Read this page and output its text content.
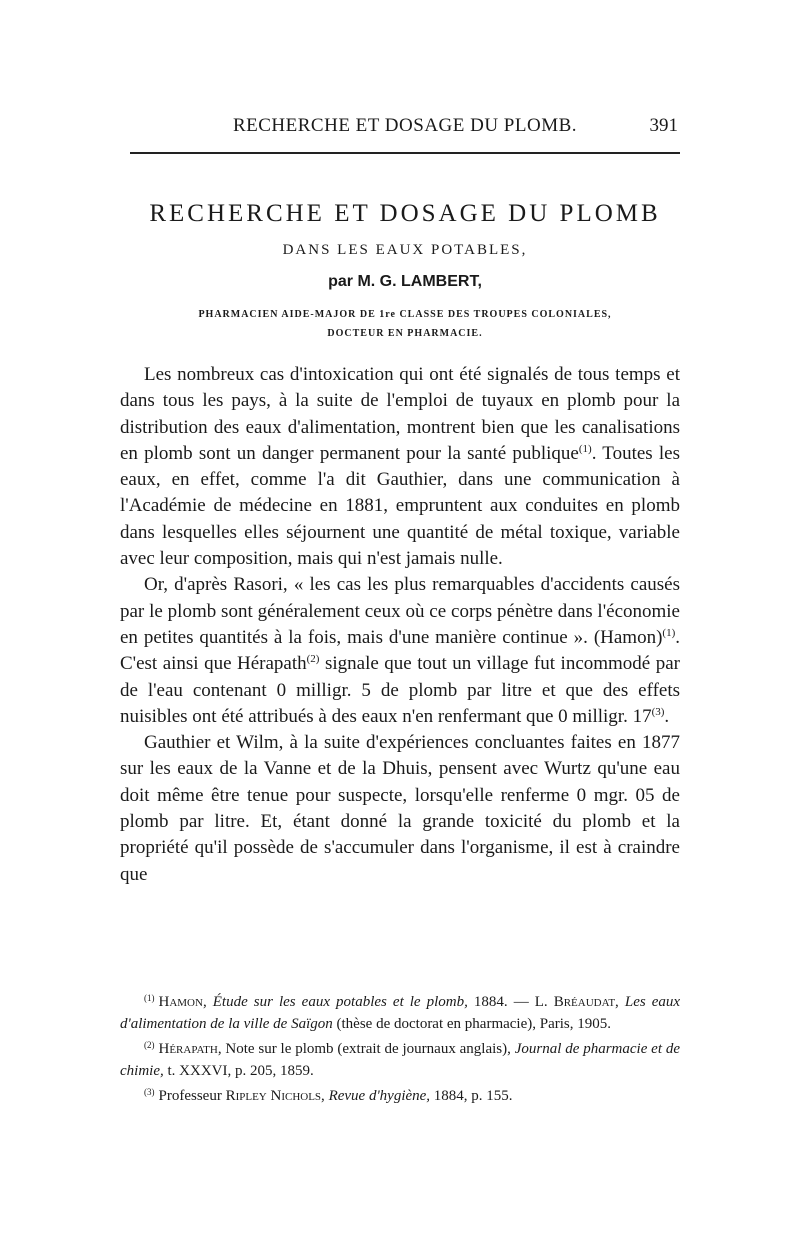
RECHERCHE ET DOSAGE DU PLOMB.	391
RECHERCHE ET DOSAGE DU PLOMB
DANS LES EAUX POTABLES,
par M. G. LAMBERT,
PHARMACIEN AIDE-MAJOR DE 1re CLASSE DES TROUPES COLONIALES,
DOCTEUR EN PHARMACIE.

Les nombreux cas d'intoxication qui ont été signalés de tous temps et dans tous les pays, à la suite de l'emploi de tuyaux en plomb pour la distribution des eaux d'alimentation, montrent bien que les canalisations en plomb sont un danger permanent pour la santé publique$^{(1)}$. Toutes les eaux, en effet, comme l'a dit Gauthier, dans une communication à l'Académie de médecine en 1881, empruntent aux conduites en plomb dans lesquelles elles séjournent une quantité de métal toxique, variable avec leur composition, mais qui n'est jamais nulle.

Or, d'après Rasori, « les cas les plus remarquables d'accidents causés par le plomb sont généralement ceux où ce corps pénètre dans l'économie en petites quantités à la fois, mais d'une manière continue ». (Hamon)$^{(1)}$. C'est ainsi que Hérapath$^{(2)}$ signale que tout un village fut incommodé par de l'eau contenant 0 milligr. 5 de plomb par litre et que des effets nuisibles ont été attribués à des eaux n'en renfermant que 0 milligr. 17$^{(3)}$.

Gauthier et Wilm, à la suite d'expériences concluantes faites en 1877 sur les eaux de la Vanne et de la Dhuis, pensent avec Wurtz qu'une eau doit même être tenue pour suspecte, lorsqu'elle renferme 0 mgr. 05 de plomb par litre. Et, étant donné la grande toxicité du plomb et la propriété qu'il possède de s'accumuler dans l'organisme, il est à craindre que

$^{(1)}$ Hamon, Étude sur les eaux potables et le plomb, 1884. — L. Bréaudat, Les eaux d'alimentation de la ville de Saïgon (thèse de doctorat en pharmacie), Paris, 1905.

$^{(2)}$ Hérapath, Note sur le plomb (extrait de journaux anglais), Journal de pharmacie et de chimie, t. XXXVI, p. 205, 1859.

$^{(3)}$ Professeur Ripley Nichols, Revue d'hygiène, 1884, p. 155.
